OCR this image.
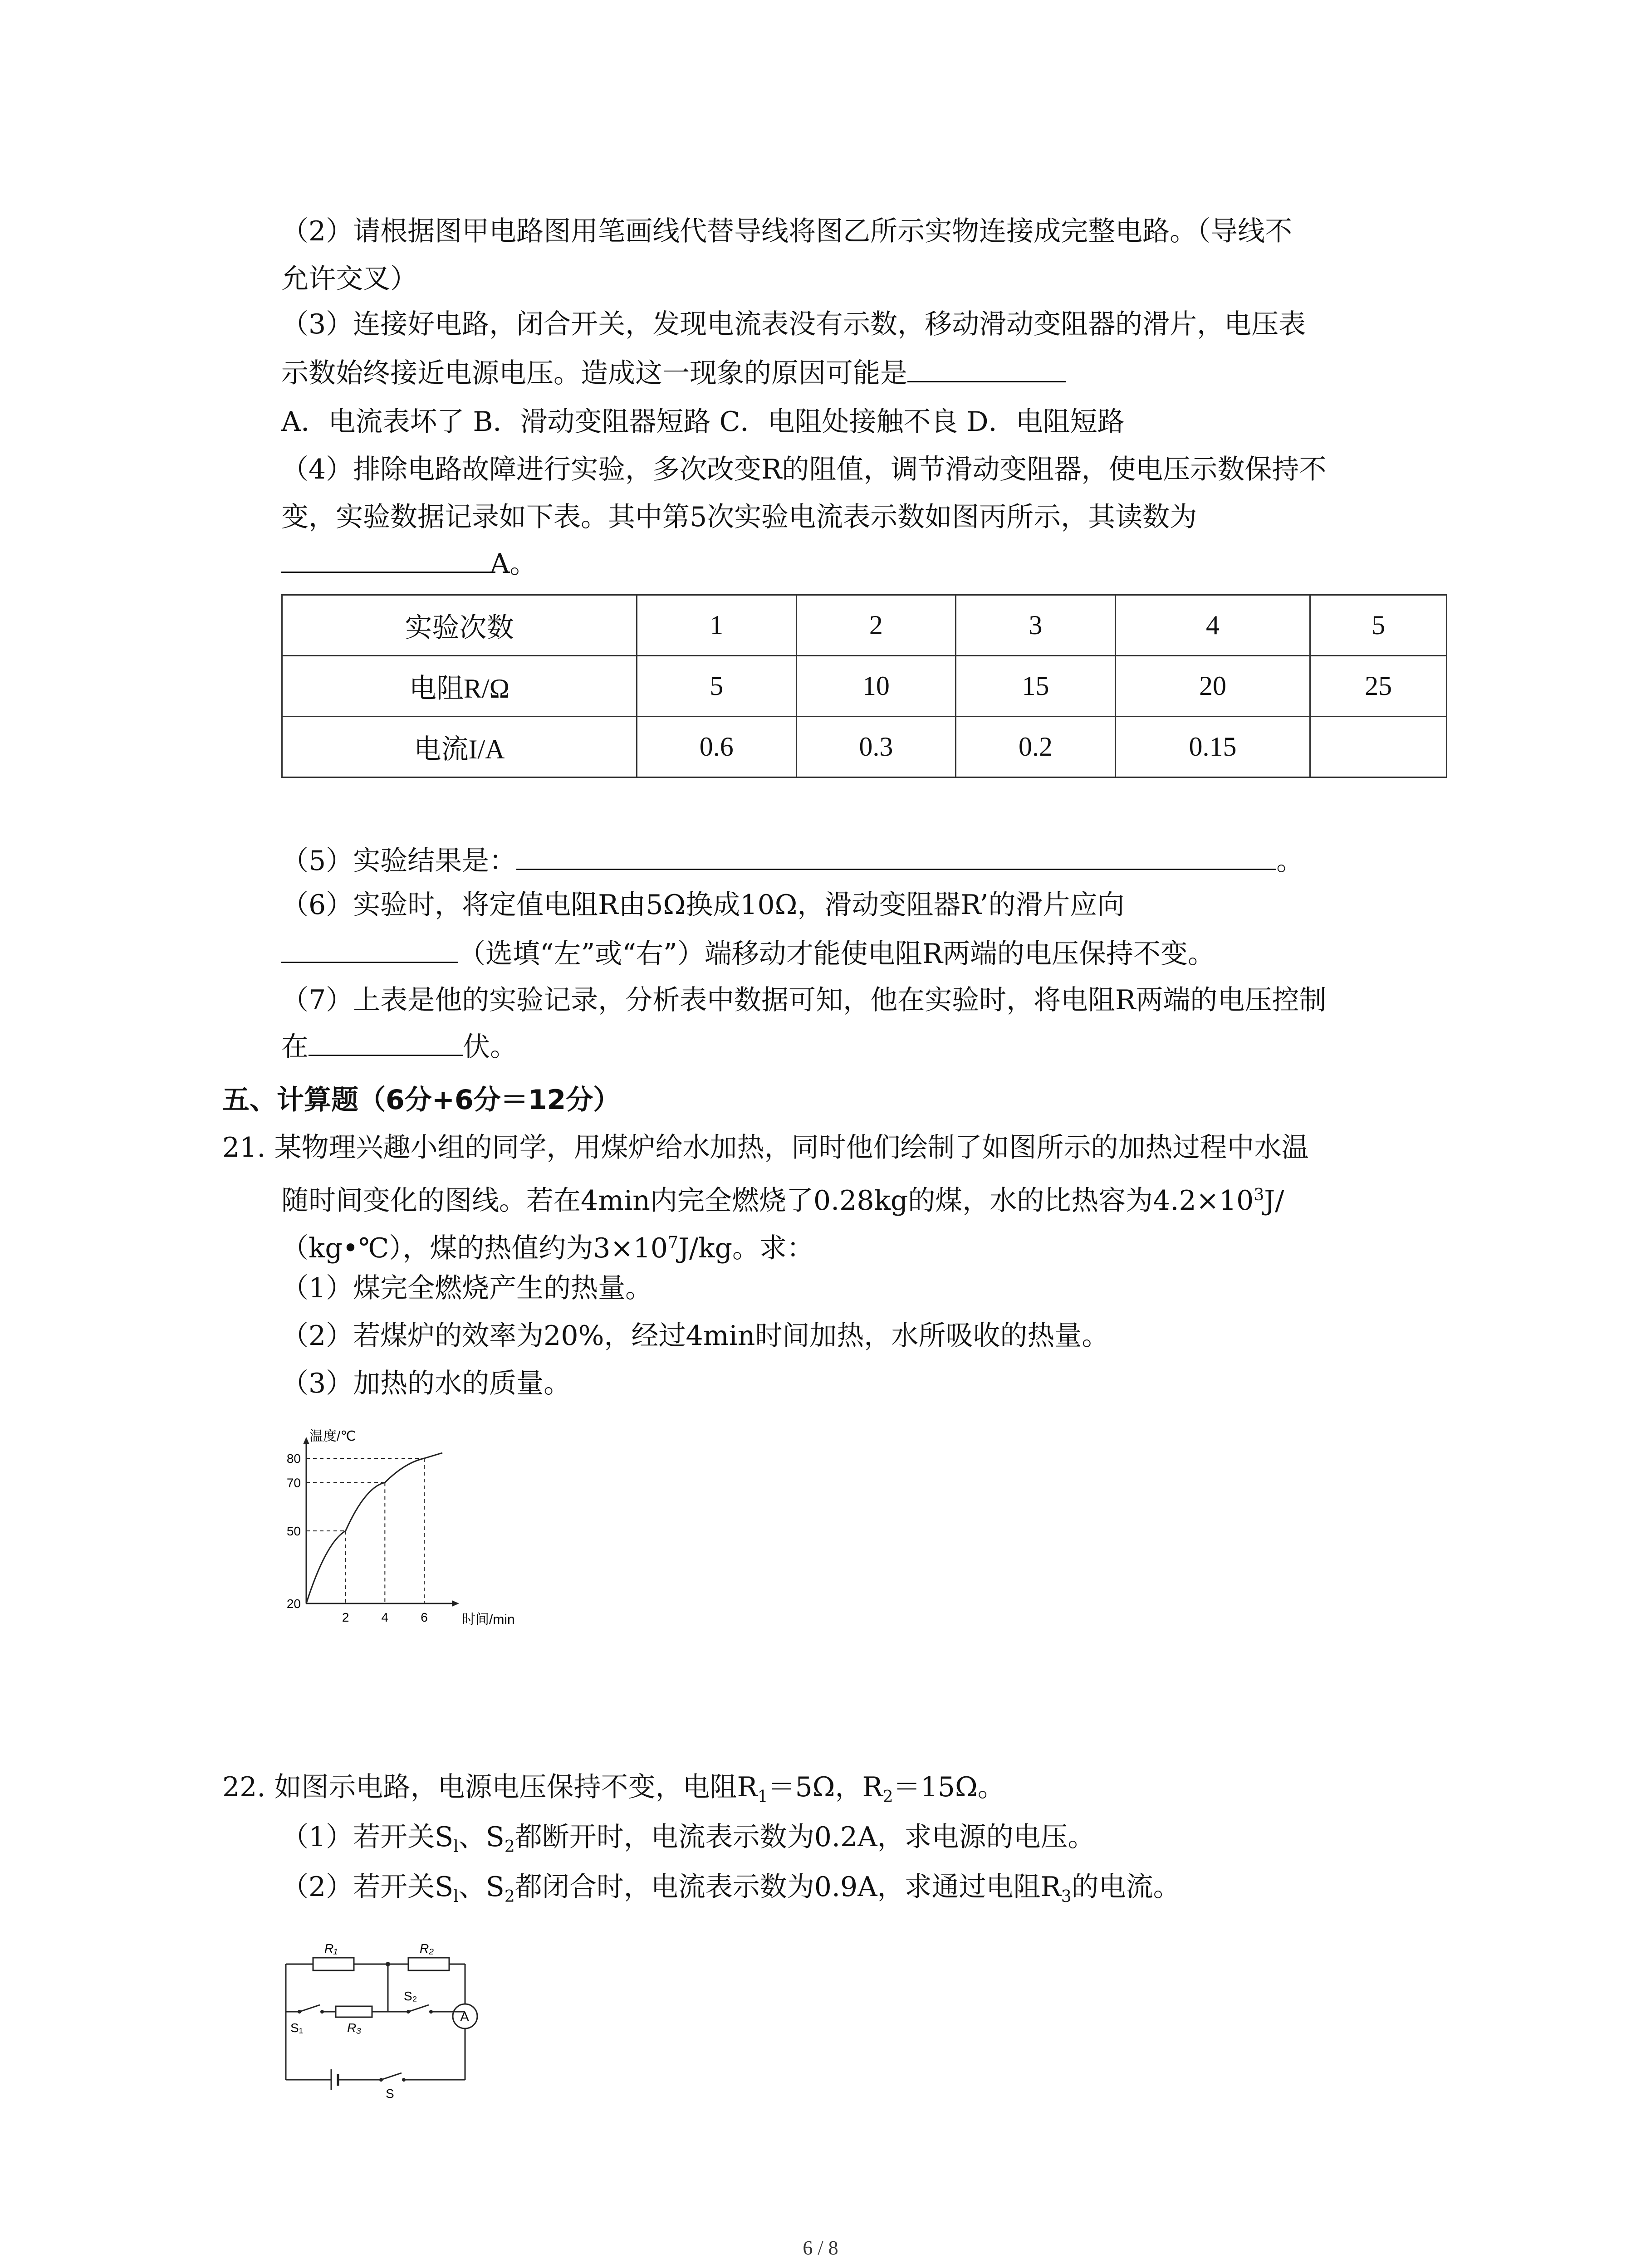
（2）请根据图甲电路图用笔画线代替导线将图乙所示实物连接成完整电路。（导线不
允许交叉）
（3）连接好电路，闭合开关，发现电流表没有示数，移动滑动变阻器的滑片，电压表
示数始终接近电源电压。造成这一现象的原因可能是
A．电流表坏了 B．滑动变阻器短路 C．电阻处接触不良 D．电阻短路
（4）排除电路故障进行实验，多次改变R的阻值，调节滑动变阻器，使电压示数保持不
变，实验数据记录如下表。其中第5次实验电流表示数如图丙所示，其读数为
A。
实验次数	1	2	3	4	5
电阻R/Ω	5	10	15	20	25
电流I/A	0.6	0.3	0.2	0.15	
（5）实验结果是：	。
（6）实验时，将定值电阻R由5Ω换成10Ω，滑动变阻器R’的滑片应向
（选填“左”或“右”）端移动才能使电阻R两端的电压保持不变。
（7）上表是他的实验记录，分析表中数据可知，他在实验时，将电阻R两端的电压控制
在	伏。
五、计算题（6分+6分＝12分）
21. 某物理兴趣小组的同学，用煤炉给水加热，同时他们绘制了如图所示的加热过程中水温
随时间变化的图线。若在4min内完全燃烧了0.28kg的煤，水的比热容为$4.2\times 10^3J/$
（kg•℃），煤的热值约为$3\times 10^7J/kg$。求：
（1）煤完全燃烧产生的热量。
（2）若煤炉的效率为20%，经过4min时间加热，水所吸收的热量。
（3）加热的水的质量。
20
50
70
80
2	4	6
温度/℃
时间/min
22. 如图示电路，电源电压保持不变，电阻$R_1=5\Omega$，$R_2=15\Omega$。
（1）若开关$S_l$、$S_2$都断开时，电流表示数为0.2A，求电源的电压。
（2）若开关$S_l$、$S_2$都闭合时，电流表示数为0.9A，求通过电阻$R_3$的电流。
R₁	R₂
R₃
S₁
S₂
S
A
6 / 8
